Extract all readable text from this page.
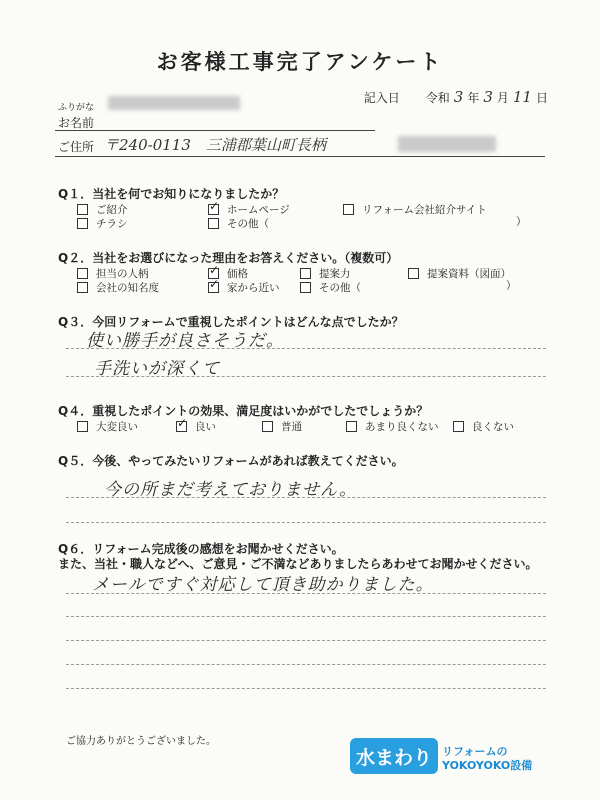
お客様工事完了アンケート
記入日 令和 3 年 3 月 11 日
ふりがな
お名前
ご住所 〒240-0113　三浦郡葉山町長柄
Q１．当社を何でお知りになりましたか？
ご紹介 ✓	ホームページ	リフォーム会社紹介サイト
チラシ	その他（	）
Q２．当社をお選びになった理由をお答えください。（複数可）
担当の人柄 ✓	価格	提案力	提案資料（図面）
会社の知名度 ✓	家から近い	その他（	）
Q３．今回リフォームで重視したポイントはどんな点でしたか？
使い勝手が良さそうだ。
手洗いが深くて
Q４．重視したポイントの効果、満足度はいかがでしたでしょうか？
大変良い ✓	良い	普通	あまり良くない	良くない
Q５．今後、やってみたいリフォームがあれば教えてください。
今の所まだ考えておりません。
Q６．リフォーム完成後の感想をお聞かせください。
また、当社・職人などへ、ご意見・ご不満などありましたらあわせてお聞かせください。
メールですぐ対応して頂き助かりました。
ご協力ありがとうございました。
水まわり リフォームの
YOKOYOKO設備
